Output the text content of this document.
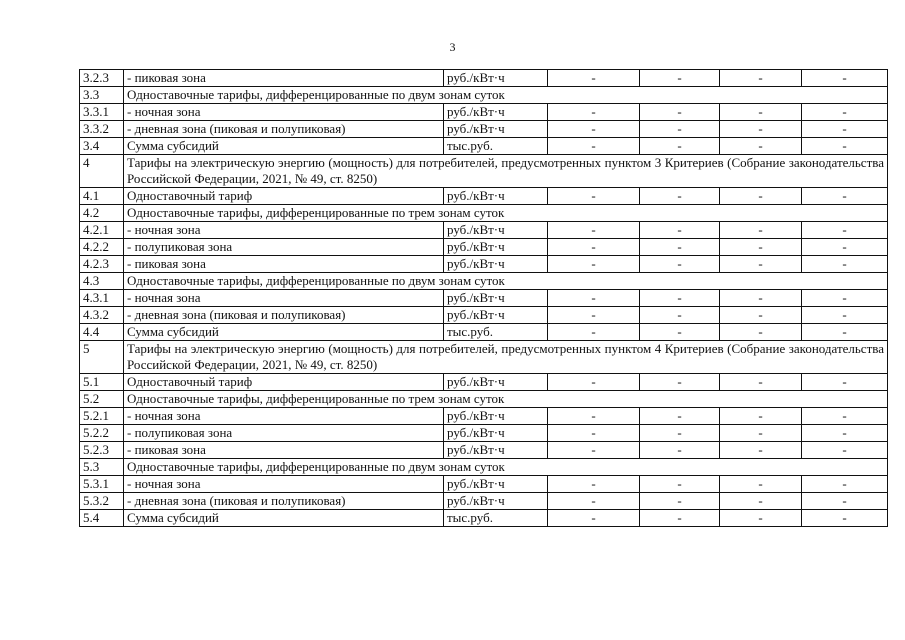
3
3.2.3	- пиковая зона	руб./кВт·ч	-	-	-	-
3.3	Одноставочные тарифы, дифференцированные по двум зонам суток					
3.3.1	- ночная зона	руб./кВт·ч	-	-	-	-
3.3.2	- дневная зона (пиковая и полупиковая)	руб./кВт·ч	-	-	-	-
3.4	Сумма субсидий	тыс.руб.	-	-	-	-
4	Тарифы на электрическую энергию (мощность) для потребителей, предусмотренных пунктом 3 Критериев (Собрание законодательства Российской Федерации, 2021, № 49, ст. 8250)					
4.1	Одноставочный тариф	руб./кВт·ч	-	-	-	-
4.2	Одноставочные тарифы, дифференцированные по трем зонам суток					
4.2.1	- ночная зона	руб./кВт·ч	-	-	-	-
4.2.2	- полупиковая зона	руб./кВт·ч	-	-	-	-
4.2.3	- пиковая зона	руб./кВт·ч	-	-	-	-
4.3	Одноставочные тарифы, дифференцированные по двум зонам суток					
4.3.1	- ночная зона	руб./кВт·ч	-	-	-	-
4.3.2	- дневная зона (пиковая и полупиковая)	руб./кВт·ч	-	-	-	-
4.4	Сумма субсидий	тыс.руб.	-	-	-	-
5	Тарифы на электрическую энергию (мощность) для потребителей, предусмотренных пунктом 4 Критериев (Собрание законодательства Российской Федерации, 2021, № 49, ст. 8250)					
5.1	Одноставочный тариф	руб./кВт·ч	-	-	-	-
5.2	Одноставочные тарифы, дифференцированные по трем зонам суток					
5.2.1	- ночная зона	руб./кВт·ч	-	-	-	-
5.2.2	- полупиковая зона	руб./кВт·ч	-	-	-	-
5.2.3	- пиковая зона	руб./кВт·ч	-	-	-	-
5.3	Одноставочные тарифы, дифференцированные по двум зонам суток					
5.3.1	- ночная зона	руб./кВт·ч	-	-	-	-
5.3.2	- дневная зона (пиковая и полупиковая)	руб./кВт·ч	-	-	-	-
5.4	Сумма субсидий	тыс.руб.	-	-	-	-
